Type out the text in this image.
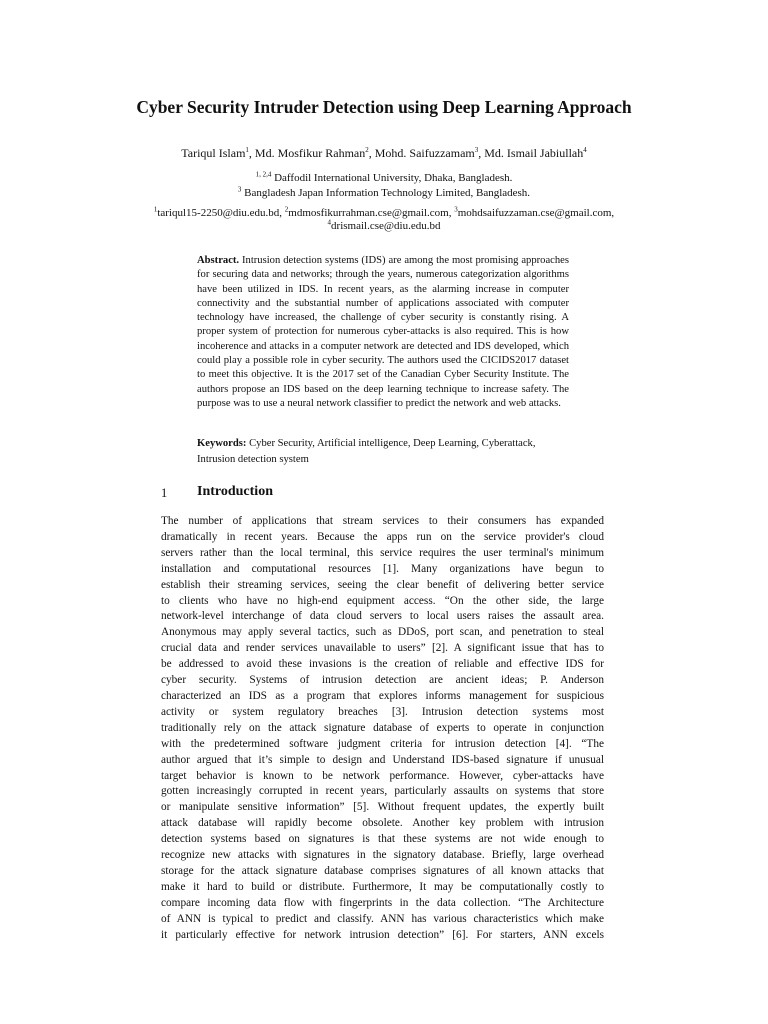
Cyber Security Intruder Detection using Deep Learning Approach
Tariqul Islam$^1$, Md. Mosfikur Rahman$^2$, Mohd. Saifuzzamam$^3$, Md. Ismail Jabiullah$^4$
$^{1, 2,4}$ Daffodil International University, Dhaka, Bangladesh.
$^3$ Bangladesh Japan Information Technology Limited, Bangladesh.
$^1$tariqul15-2250@diu.edu.bd, $^2$mdmosfikurrahman.cse@gmail.com, $^3$mohdsaifuzzaman.cse@gmail.com,
$^4$drismail.cse@diu.edu.bd
Abstract. Intrusion detection systems (IDS) are among the most promising approaches for securing data and networks; through the years, numerous categorization algorithms have been utilized in IDS. In recent years, as the alarming increase in computer connectivity and the substantial number of applications associated with computer technology have increased, the challenge of cyber security is constantly rising. A proper system of protection for numerous cyber-attacks is also required. This is how incoherence and attacks in a computer network are detected and IDS developed, which could play a possible role in cyber security. The authors used the CICIDS2017 dataset to meet this objective. It is the 2017 set of the Canadian Cyber Security Institute. The authors propose an IDS based on the deep learning technique to increase safety. The purpose was to use a neural network classifier to predict the network and web attacks.
Keywords: Cyber Security, Artificial intelligence, Deep Learning, Cyberattack, Intrusion detection system
1 Introduction
The number of applications that stream services to their consumers has expanded
dramatically in recent years. Because the apps run on the service provider's cloud
servers rather than the local terminal, this service requires the user terminal's minimum
installation and computational resources [1]. Many organizations have begun to
establish their streaming services, seeing the clear benefit of delivering better service
to clients who have no high-end equipment access. “On the other side, the large
network-level interchange of data cloud servers to local users raises the assault area.
Anonymous may apply several tactics, such as DDoS, port scan, and penetration to steal
crucial data and render services unavailable to users” [2]. A significant issue that has to
be addressed to avoid these invasions is the creation of reliable and effective IDS for
cyber security. Systems of intrusion detection are ancient ideas; P. Anderson
characterized an IDS as a program that explores informs management for suspicious
activity or system regulatory breaches [3]. Intrusion detection systems most
traditionally rely on the attack signature database of experts to operate in conjunction
with the predetermined software judgment criteria for intrusion detection [4]. “The
author argued that it’s simple to design and Understand IDS-based signature if unusual
target behavior is known to be network performance. However, cyber-attacks have
gotten increasingly corrupted in recent years, particularly assaults on systems that store
or manipulate sensitive information” [5]. Without frequent updates, the expertly built
attack database will rapidly become obsolete. Another key problem with intrusion
detection systems based on signatures is that these systems are not wide enough to
recognize new attacks with signatures in the signatory database. Briefly, large overhead
storage for the attack signature database comprises signatures of all known attacks that
make it hard to build or distribute. Furthermore, It may be computationally costly to
compare incoming data flow with fingerprints in the data collection. “The Architecture
of ANN is typical to predict and classify. ANN has various characteristics which make
it particularly effective for network intrusion detection” [6]. For starters, ANN excels
